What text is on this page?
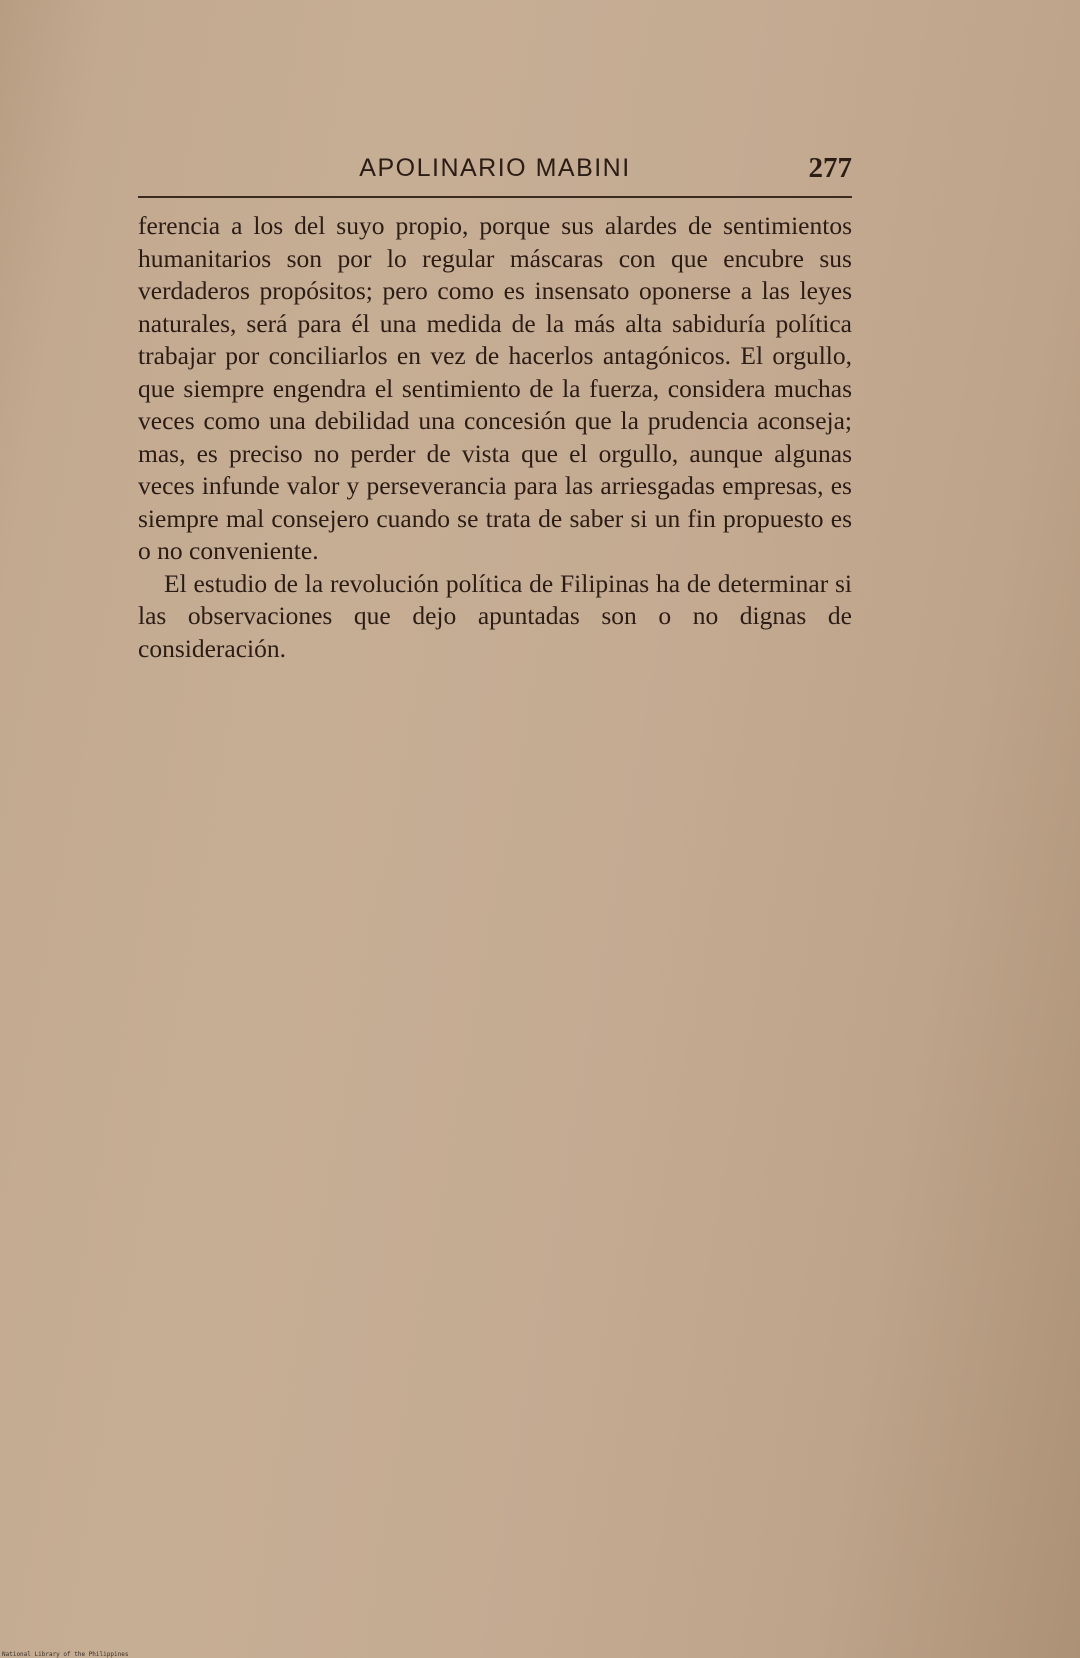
APOLINARIO MABINI	277

ferencia a los del suyo propio, porque sus alardes de sentimientos humanitarios son por lo regular máscaras con que encubre sus verdaderos propósitos; pero como es insensato oponerse a las leyes naturales, será para él una medida de la más alta sabiduría política trabajar por conciliarlos en vez de hacerlos antagónicos. El orgullo, que siempre engendra el sentimiento de la fuerza, considera muchas veces como una debilidad una concesión que la prudencia aconseja; mas, es preciso no perder de vista que el orgullo, aunque algunas veces infunde valor y perseverancia para las arriesgadas empresas, es siempre mal consejero cuando se trata de saber si un fin propuesto es o no conveniente.

El estudio de la revolución política de Filipinas ha de determinar si las observaciones que dejo apuntadas son o no dignas de consideración.

National Library of the Philippines
